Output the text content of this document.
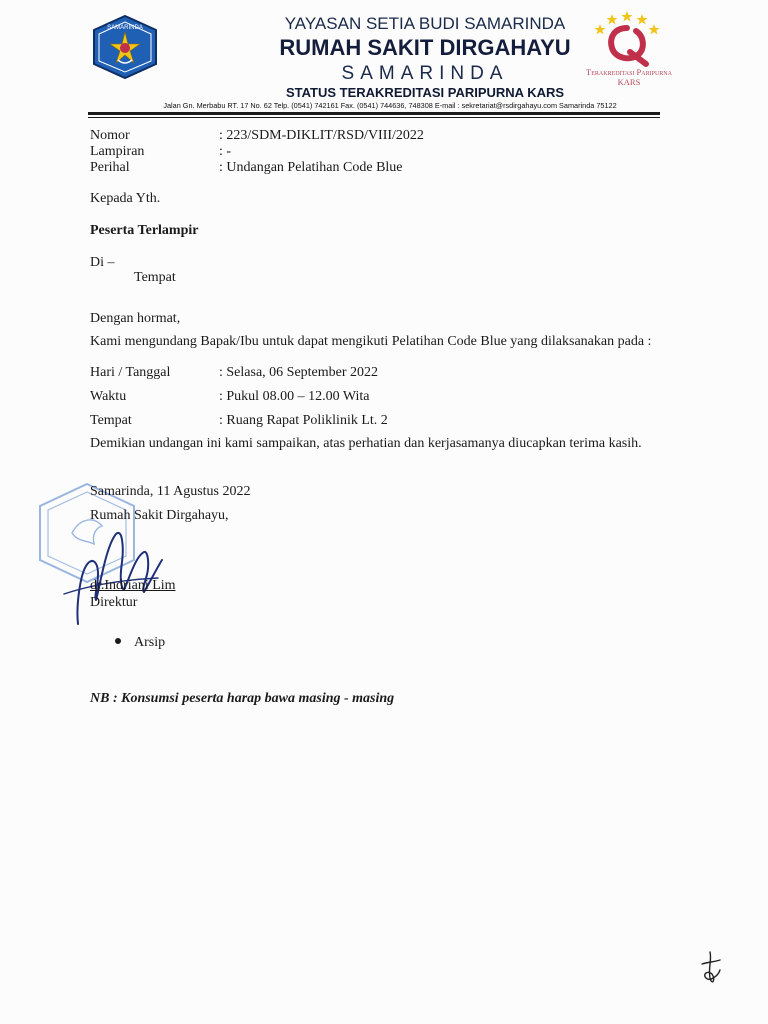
SAMARINDA
Terakreditasi Paripurna
KARS
YAYASAN SETIA BUDI SAMARINDA
RUMAH SAKIT DIRGAHAYU
SAMARINDA
STATUS TERAKREDITASI PARIPURNA KARS
Jalan Gn. Merbabu RT. 17 No. 62 Telp. (0541) 742161 Fax. (0541) 744636, 748308 E-mail : sekretariat@rsdirgahayu.com Samarinda 75122
Nomor	: 223/SDM-DIKLIT/RSD/VIII/2022
Lampiran	: -
Perihal	: Undangan Pelatihan Code Blue
Kepada Yth.
Peserta Terlampir
Di –
Tempat
Dengan hormat,
Kami mengundang Bapak/Ibu untuk dapat mengikuti Pelatihan Code Blue yang dilaksanakan pada :
Hari / Tanggal	: Selasa, 06 September 2022
Waktu	: Pukul 08.00 – 12.00 Wita
Tempat	: Ruang Rapat Poliklinik Lt. 2
Demikian undangan ini kami sampaikan, atas perhatian dan kerjasamanya diucapkan terima kasih.
Samarinda, 11 Agustus 2022
Rumah Sakit Dirgahayu,
dr.Indriani Lim
Direktur
Arsip
NB : Konsumsi peserta harap bawa masing - masing
